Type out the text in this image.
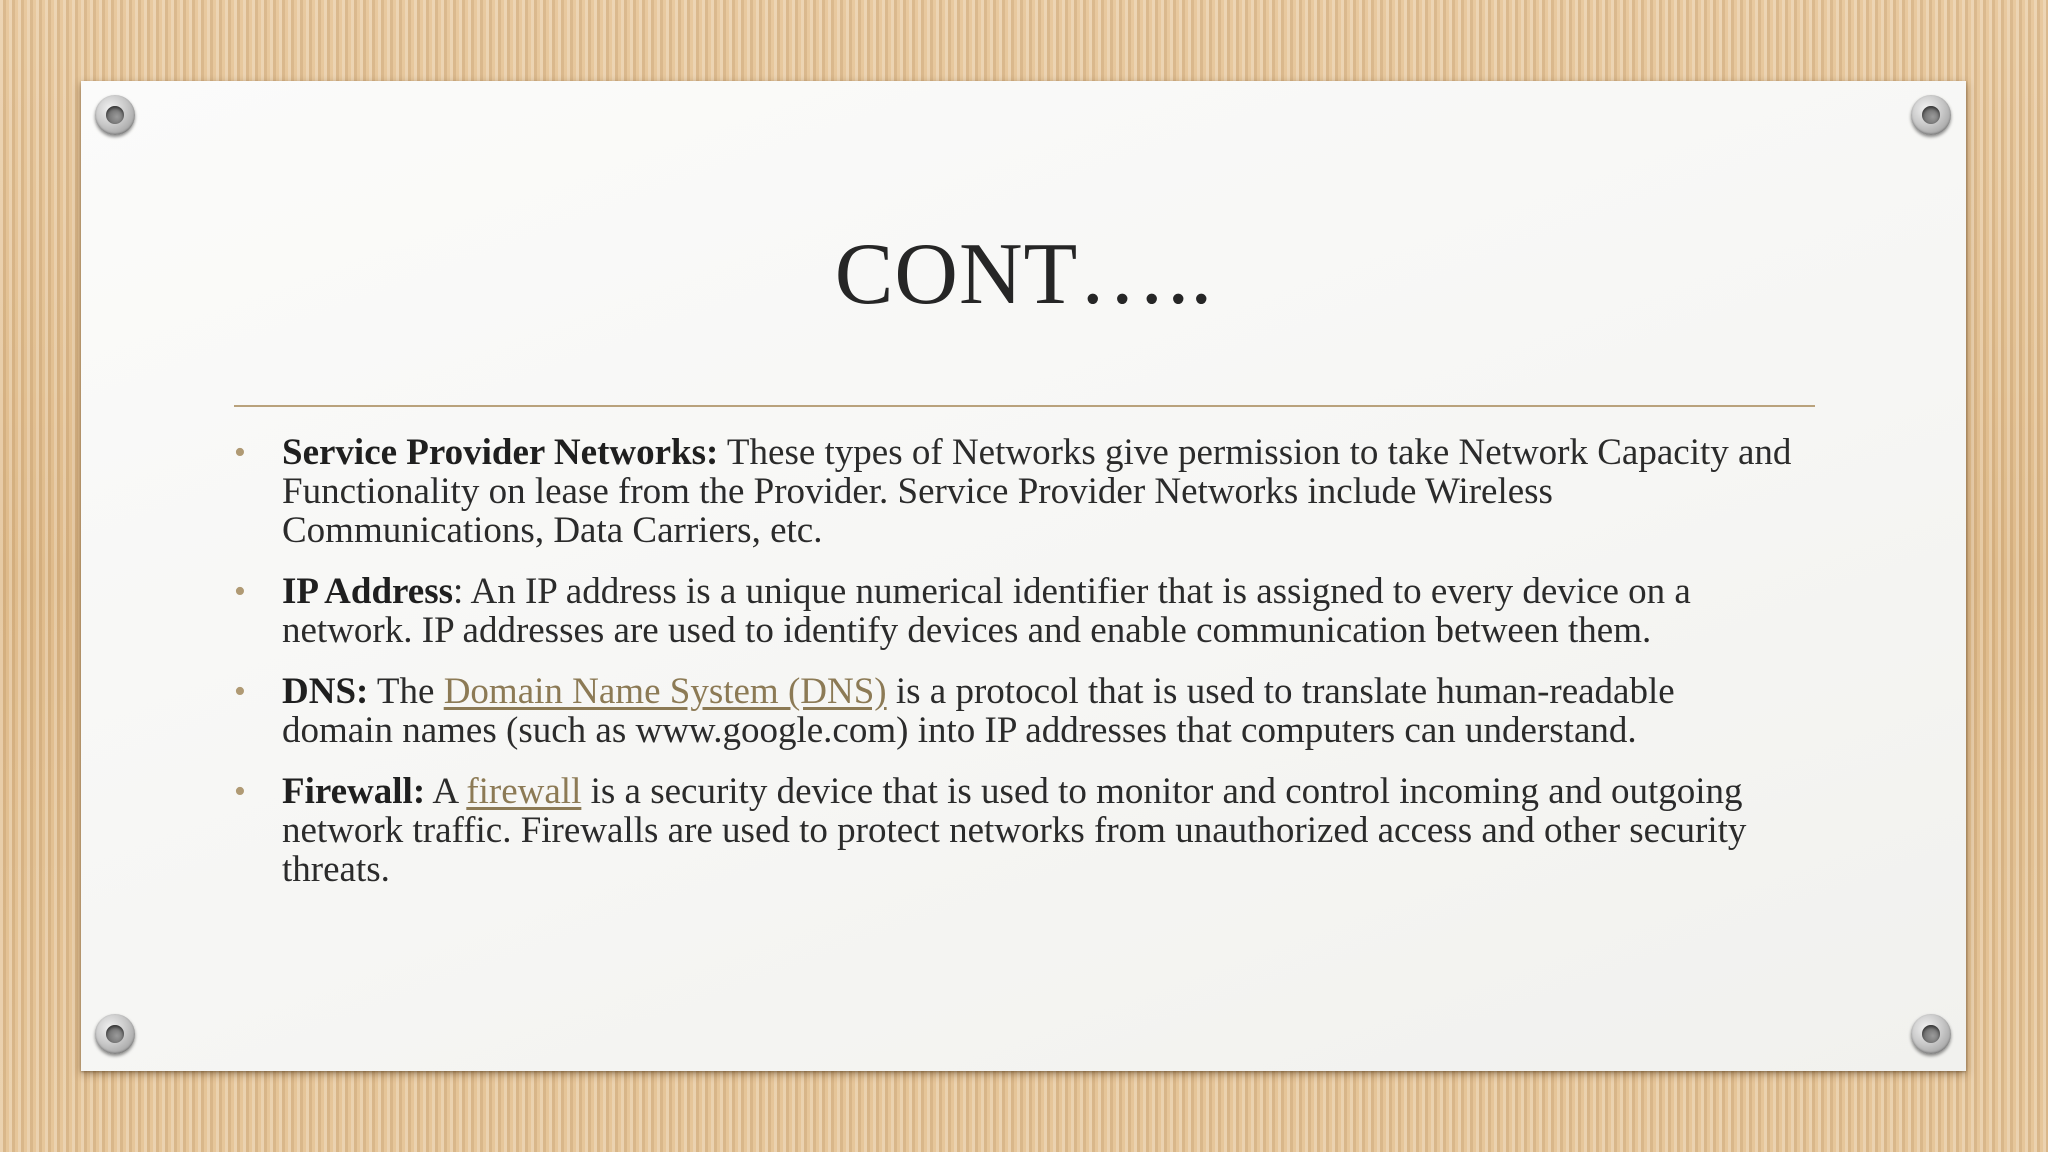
CONT…..
• Service Provider Networks: These types of Networks give permission to take Network Capacity and Functionality on lease from the Provider. Service Provider Networks include Wireless Communications, Data Carriers, etc.
• IP Address: An IP address is a unique numerical identifier that is assigned to every device on a network. IP addresses are used to identify devices and enable communication between them.
• DNS: The Domain Name System (DNS) is a protocol that is used to translate human-readable domain names (such as www.google.com) into IP addresses that computers can understand.
• Firewall: A firewall is a security device that is used to monitor and control incoming and outgoing network traffic. Firewalls are used to protect networks from unauthorized access and other security threats.
